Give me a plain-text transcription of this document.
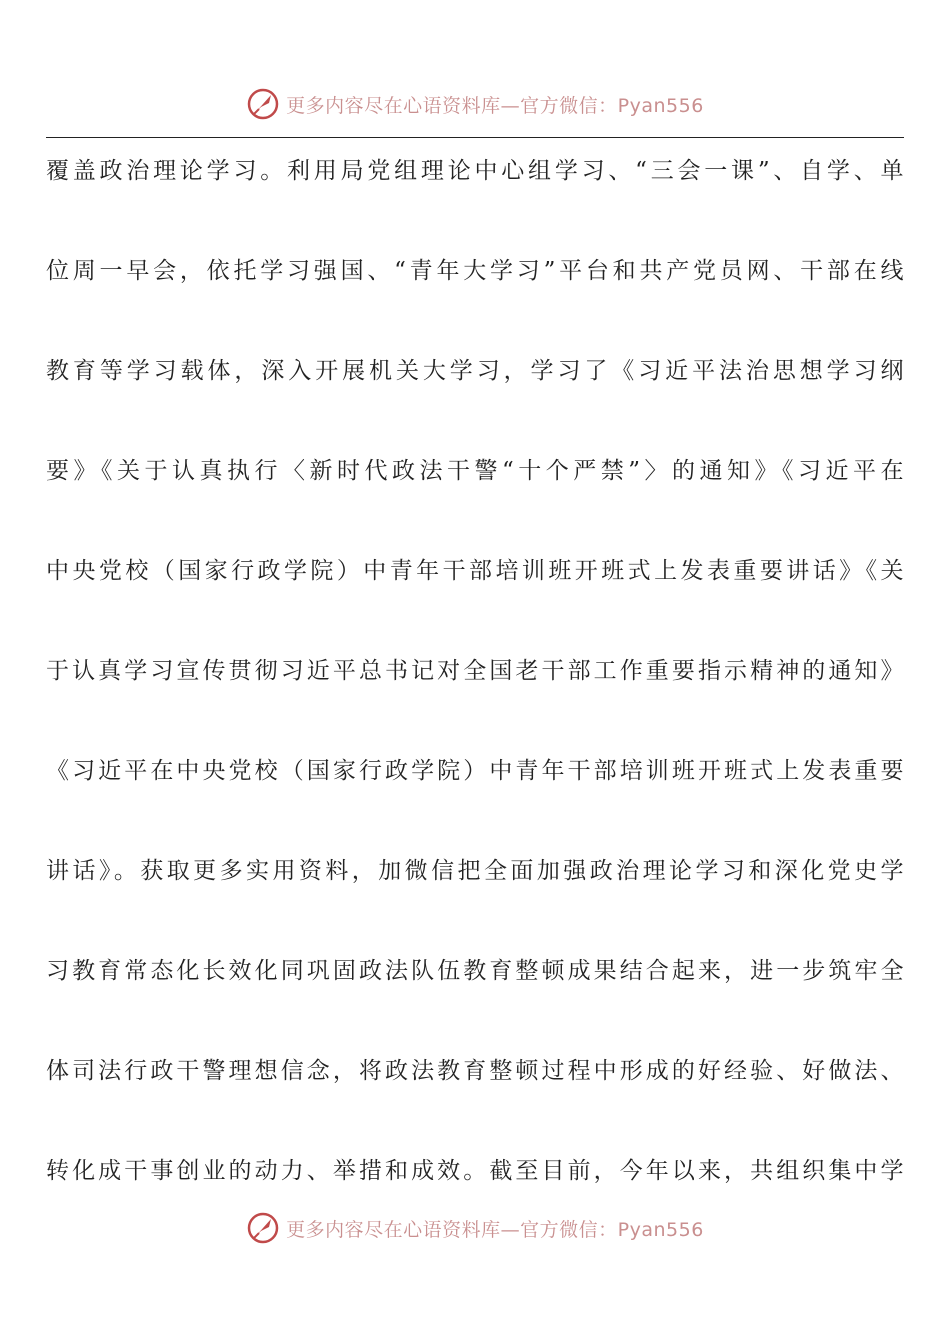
更多内容尽在心语资料库—官方微信：Pyan556
覆盖政治理论学习。利用局党组理论中心组学习、“三会一课”、自学、单
位周一早会，依托学习强国、“青年大学习”平台和共产党员网、干部在线
教育等学习载体，深入开展机关大学习，学习了《习近平法治思想学习纲
要》《关于认真执行〈新时代政法干警“十个严禁”〉的通知》《习近平在
中央党校（国家行政学院）中青年干部培训班开班式上发表重要讲话》《关
于认真学习宣传贯彻习近平总书记对全国老干部工作重要指示精神的通知》
《习近平在中央党校（国家行政学院）中青年干部培训班开班式上发表重要
讲话》。获取更多实用资料，加微信把全面加强政治理论学习和深化党史学
习教育常态化长效化同巩固政法队伍教育整顿成果结合起来，进一步筑牢全
体司法行政干警理想信念，将政法教育整顿过程中形成的好经验、好做法、
转化成干事创业的动力、举措和成效。截至目前，今年以来，共组织集中学
更多内容尽在心语资料库—官方微信：Pyan556
